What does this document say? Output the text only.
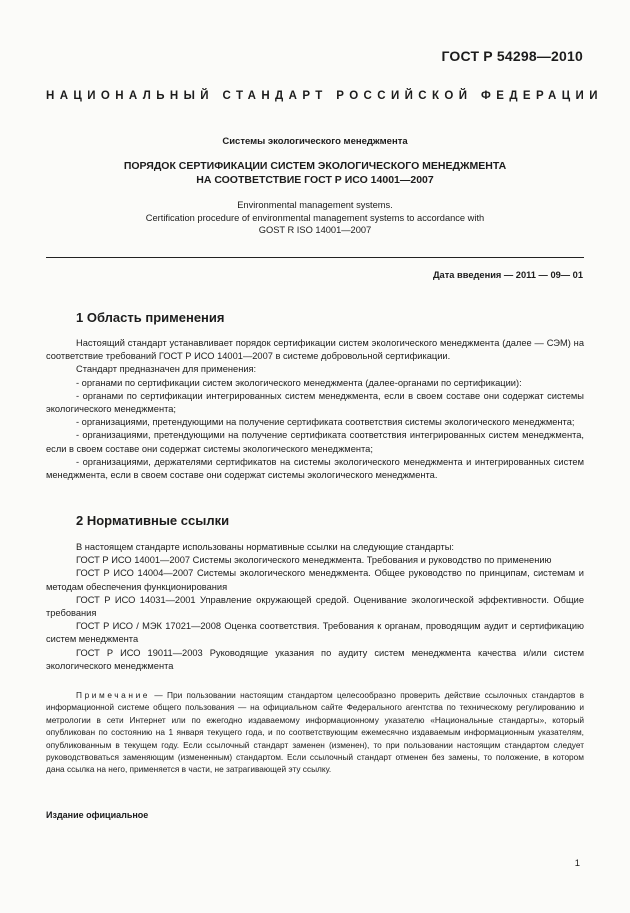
ГОСТ Р 54298—2010
НАЦИОНАЛЬНЫЙ СТАНДАРТ РОССИЙСКОЙ ФЕДЕРАЦИИ
Системы экологического менеджмента
ПОРЯДОК СЕРТИФИКАЦИИ СИСТЕМ ЭКОЛОГИЧЕСКОГО МЕНЕДЖМЕНТА
НА СООТВЕТСТВИЕ ГОСТ Р ИСО 14001—2007
Environmental management systems.
Certification procedure of environmental management systems to accordance with
GOST R ISO 14001—2007
Дата введения — 2011 — 09— 01
1 Область применения

Настоящий стандарт устанавливает порядок сертификации систем экологического менеджмента (далее — СЭМ) на соответствие требований ГОСТ Р ИСО 14001—2007 в системе добровольной сертификации.

Стандарт предназначен для применения:

- органами по сертификации систем экологического менеджмента (далее-органами по сертификации):

- органами по сертификации интегрированных систем менеджмента, если в своем составе они содержат системы экологического менеджмента;

- организациями, претендующими на получение сертификата соответствия системы экологического менеджмента;

- организациями, претендующими на получение сертификата соответствия интегрированных систем менеджмента, если в своем составе они содержат системы экологического менеджмента;

- организациями, держателями сертификатов на системы экологического менеджмента и интегрированных систем менеджмента, если в своем составе они содержат системы экологического менеджмента.

2 Нормативные ссылки

В настоящем стандарте использованы нормативные ссылки на следующие стандарты:

ГОСТ Р ИСО 14001—2007 Системы экологического менеджмента. Требования и руководство по применению

ГОСТ Р ИСО 14004—2007 Системы экологического менеджмента. Общее руководство по принципам, системам и методам обеспечения функционирования

ГОСТ Р ИСО 14031—2001 Управление окружающей средой. Оценивание экологической эффективности. Общие требования

ГОСТ Р ИСО / МЭК 17021—2008 Оценка соответствия. Требования к органам, проводящим аудит и сертификацию систем менеджмента

ГОСТ Р ИСО 19011—2003 Руководящие указания по аудиту систем менеджмента качества и/или систем экологического менеджмента

Примечание — При пользовании настоящим стандартом целесообразно проверить действие ссылочных стандартов в информационной системе общего пользования — на официальном сайте Федерального агентства по техническому регулированию и метрологии в сети Интернет или по ежегодно издаваемому информационному указателю «Национальные стандарты», который опубликован по состоянию на 1 января текущего года, и по соответствующим ежемесячно издаваемым информационным указателям, опубликованным в текущем году. Если ссылочный стандарт заменен (изменен), то при пользовании настоящим стандартом следует руководствоваться заменяющим (измененным) стандартом. Если ссылочный стандарт отменен без замены, то положение, в котором дана ссылка на него, применяется в части, не затрагивающей эту ссылку.
Издание официальное
1
